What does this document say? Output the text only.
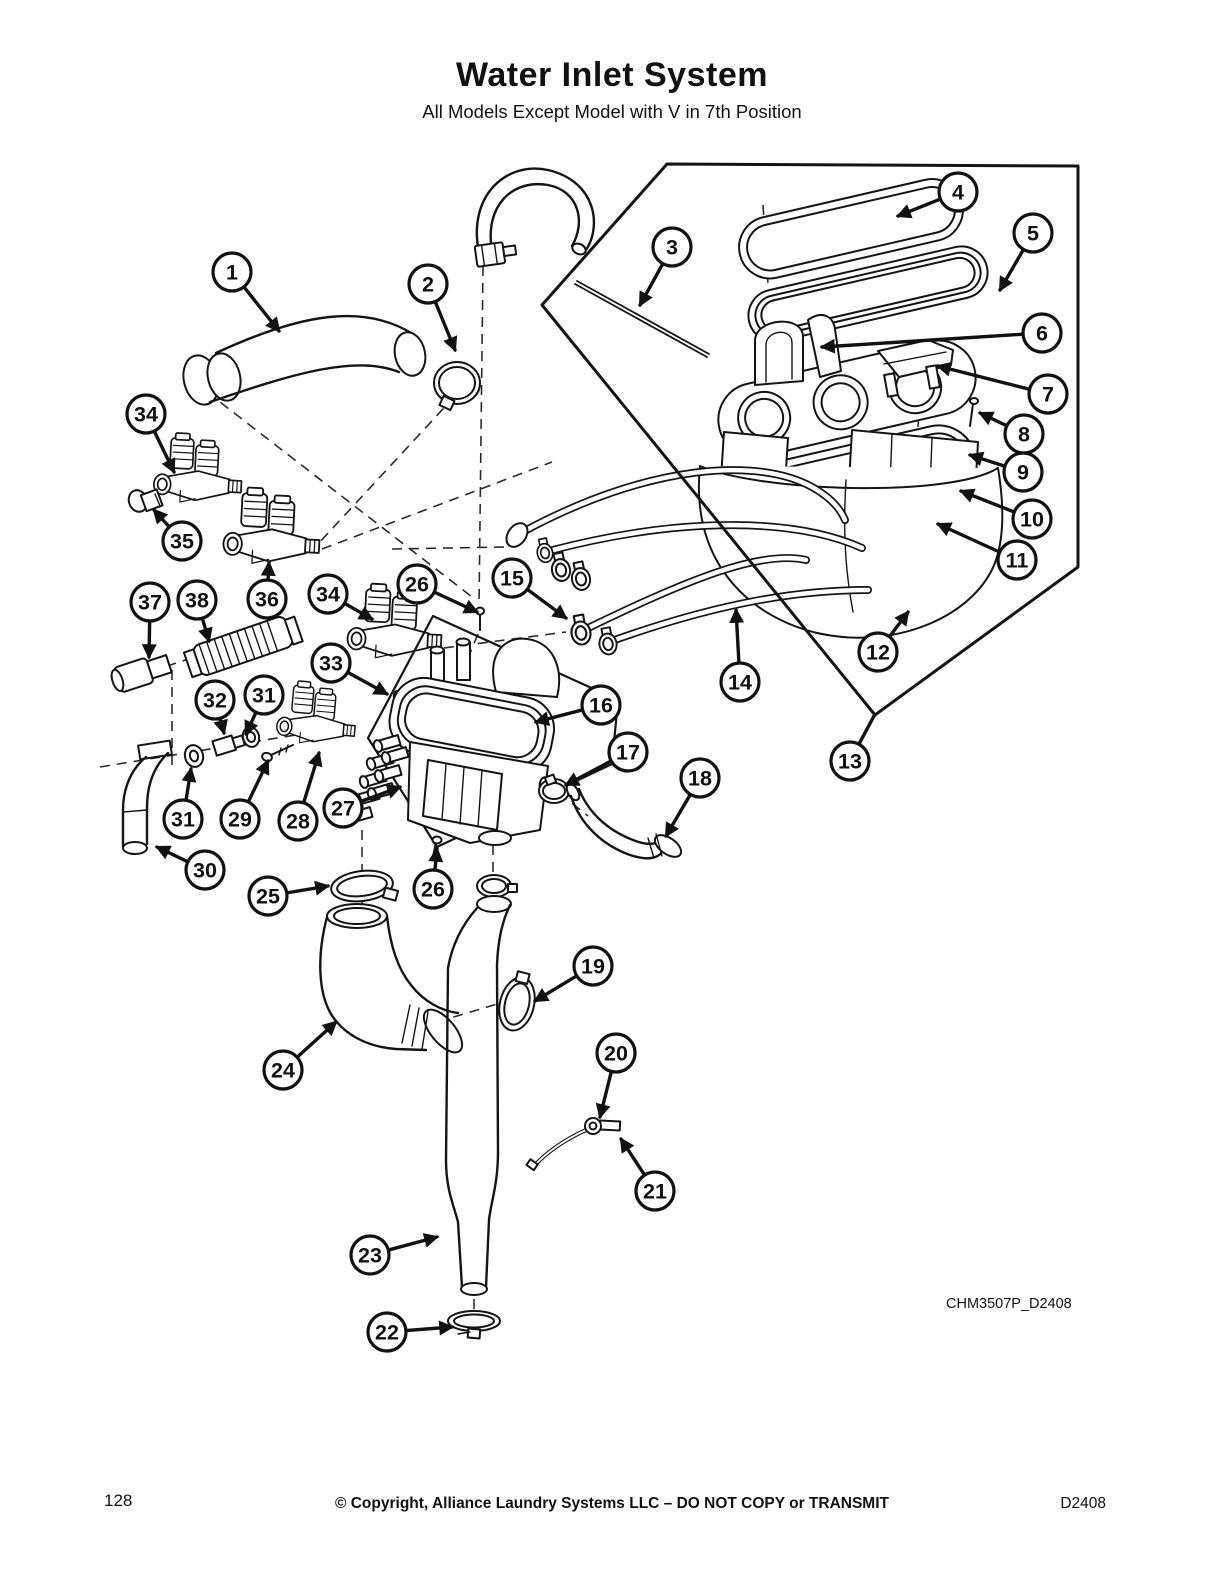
Water Inlet System
All Models Except Model with V in 7th Position
1	2
3
4
5
6
7
8
9
10
11
12
13
14
15
16
17
18
19
20
21
22
23
24
25
26
26
27
28
29
30
31
31
32
33
34
34
35
36
37 38
CHM3507P_D2408
128	© Copyright, Alliance Laundry Systems LLC – DO NOT COPY or TRANSMIT	D2408
